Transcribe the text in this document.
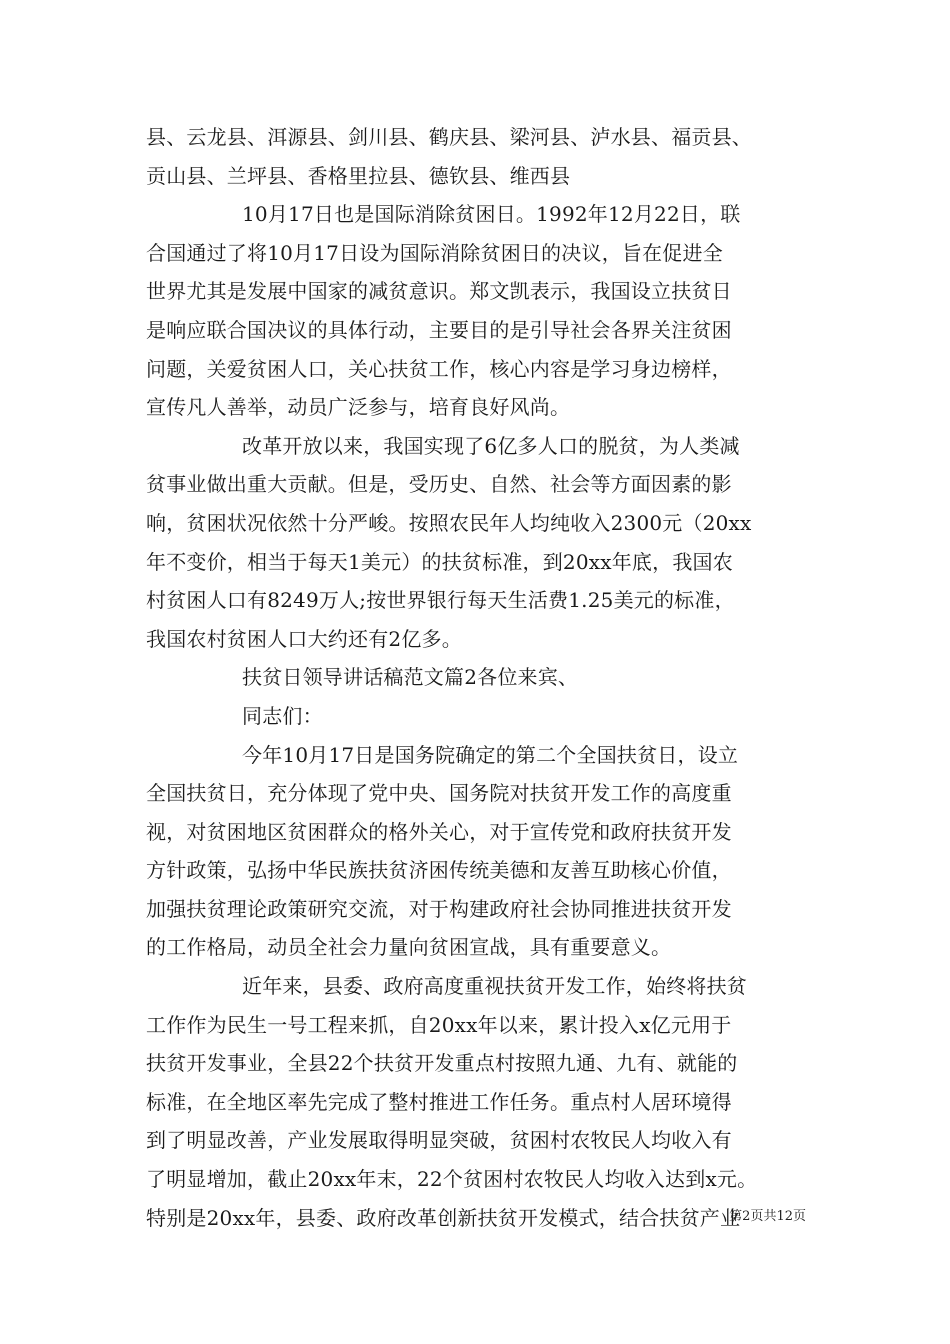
县、云龙县、洱源县、剑川县、鹤庆县、梁河县、泸水县、福贡县、
贡山县、兰坪县、香格里拉县、德钦县、维西县
10月17日也是国际消除贫困日。1992年12月22日，联
合国通过了将10月17日设为国际消除贫困日的决议，旨在促进全
世界尤其是发展中国家的减贫意识。郑文凯表示，我国设立扶贫日
是响应联合国决议的具体行动，主要目的是引导社会各界关注贫困
问题，关爱贫困人口，关心扶贫工作，核心内容是学习身边榜样，
宣传凡人善举，动员广泛参与，培育良好风尚。
改革开放以来，我国实现了6亿多人口的脱贫，为人类减
贫事业做出重大贡献。但是，受历史、自然、社会等方面因素的影
响，贫困状况依然十分严峻。按照农民年人均纯收入2300元（20xx
年不变价，相当于每天1美元）的扶贫标准，到20xx年底，我国农
村贫困人口有8249万人;按世界银行每天生活费1.25美元的标准，
我国农村贫困人口大约还有2亿多。
扶贫日领导讲话稿范文篇2各位来宾、
同志们：
今年10月17日是国务院确定的第二个全国扶贫日，设立
全国扶贫日，充分体现了党中央、国务院对扶贫开发工作的高度重
视，对贫困地区贫困群众的格外关心，对于宣传党和政府扶贫开发
方针政策，弘扬中华民族扶贫济困传统美德和友善互助核心价值，
加强扶贫理论政策研究交流，对于构建政府社会协同推进扶贫开发
的工作格局，动员全社会力量向贫困宣战，具有重要意义。
近年来，县委、政府高度重视扶贫开发工作，始终将扶贫
工作作为民生一号工程来抓，自20xx年以来，累计投入x亿元用于
扶贫开发事业，全县22个扶贫开发重点村按照九通、九有、就能的
标准，在全地区率先完成了整村推进工作任务。重点村人居环境得
到了明显改善，产业发展取得明显突破，贫困村农牧民人均收入有
了明显增加，截止20xx年末，22个贫困村农牧民人均收入达到x元。
特别是20xx年，县委、政府改革创新扶贫开发模式，结合扶贫产业
第2页共12页
